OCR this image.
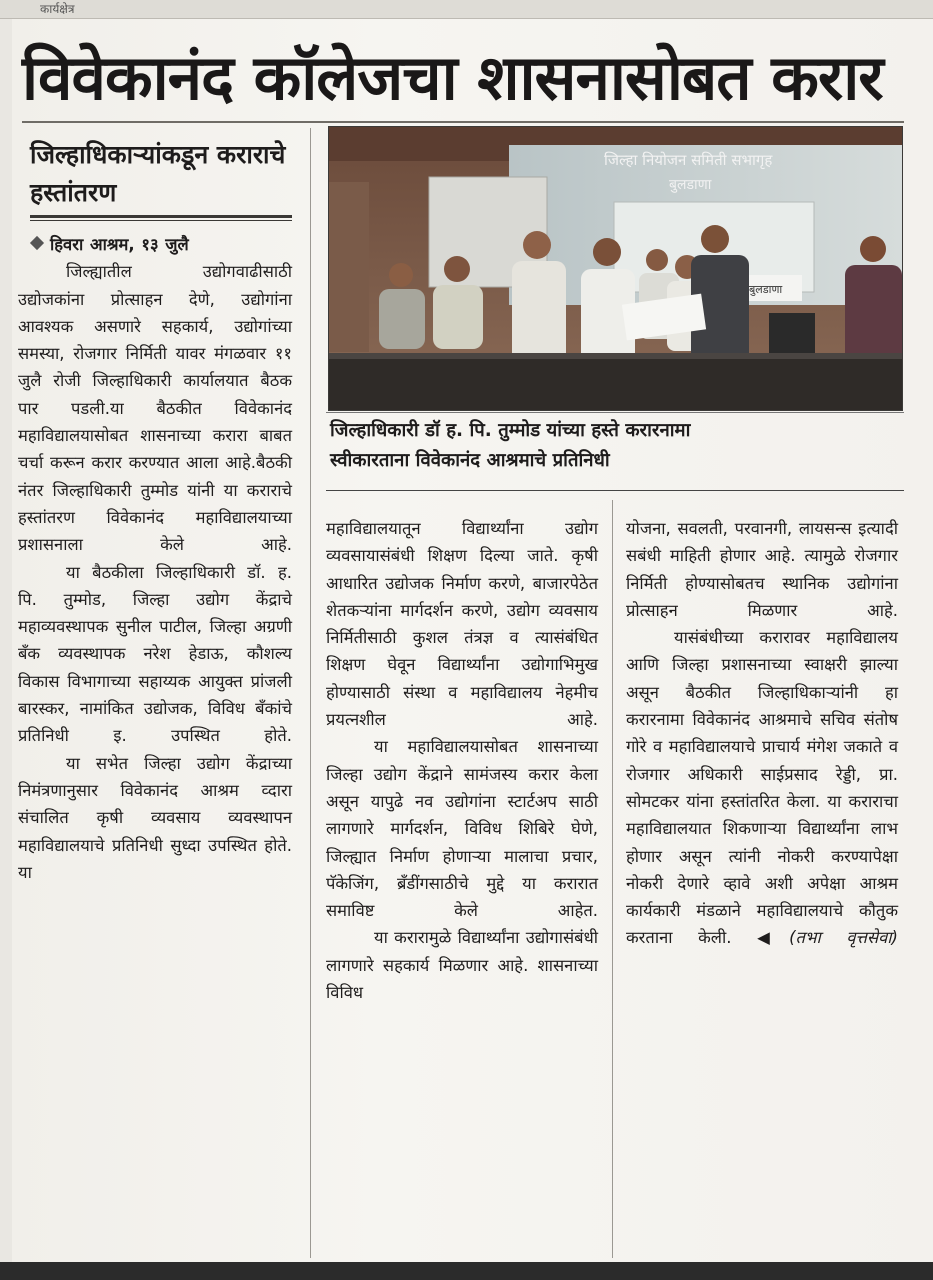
कार्यक्षेत्र
विवेकानंद कॉलेजचा शासनासोबत करार
जिल्हाधिकाऱ्यांकडून कराराचे हस्तांतरण
हिवरा आश्रम, १३ जुलै
जिल्ह्यातील उद्योगवाढीसाठी उद्योजकांना प्रोत्साहन देणे, उद्योगांना आवश्यक असणारे सहकार्य, उद्योगांच्या समस्या, रोजगार निर्मिती यावर मंगळवार ११ जुलै रोजी जिल्हाधिकारी कार्यालयात बैठक पार पडली.या बैठकीत विवेकानंद महाविद्यालयासोबत शासनाच्या करारा बाबत चर्चा करून करार करण्यात आला आहे.बैठकी नंतर जिल्हाधिकारी तुम्मोड यांनी या कराराचे हस्तांतरण विवेकानंद महाविद्यालयाच्या प्रशासनाला केले आहे.
या बैठकीला जिल्हाधिकारी डॉ. ह. पि. तुम्मोड, जिल्हा उद्योग केंद्राचे महाव्यवस्थापक सुनील पाटील, जिल्हा अग्रणी बँक व्यवस्थापक नरेश हेडाऊ, कौशल्य विकास विभागाच्या सहाय्यक आयुक्त प्रांजली बारस्कर, नामांकित उद्योजक, विविध बँकांचे प्रतिनिधी इ. उपस्थित होते.
या सभेत जिल्हा उद्योग केंद्राच्या निमंत्रणानुसार विवेकानंद आश्रम व्दारा संचालित कृषी व्यवसाय व्यवस्थापन महाविद्यालयाचे प्रतिनिधी सुध्दा उपस्थित होते. या
जिल्हा नियोजन समिती सभागृह
बुलडाणा
बुलडाणा
जिल्हाधिकारी डॉ ह. पि. तुम्मोड यांच्या हस्ते करारनामा
स्वीकारताना विवेकानंद आश्रमाचे प्रतिनिधी
महाविद्यालयातून विद्यार्थ्यांना उद्योग व्यवसायासंबंधी शिक्षण दिल्या जाते. कृषी आधारित उद्योजक निर्माण करणे, बाजारपेठेत शेतकऱ्यांना मार्गदर्शन करणे, उद्योग व्यवसाय निर्मितीसाठी कुशल तंत्रज्ञ व त्यासंबंधित शिक्षण घेवून विद्यार्थ्यांना उद्योगाभिमुख होण्यासाठी संस्था व महाविद्यालय नेहमीच प्रयत्नशील आहे.
या महाविद्यालयासोबत शासनाच्या जिल्हा उद्योग केंद्राने सामंजस्य करार केला असून यापुढे नव उद्योगांना स्टार्टअप साठी लागणारे मार्गदर्शन, विविध शिबिरे घेणे, जिल्ह्यात निर्माण होणाऱ्या मालाचा प्रचार, पॅकेजिंग, ब्रँडींगसाठीचे मुद्दे या करारात समाविष्ट केले आहेत.
या करारामुळे विद्यार्थ्यांना उद्योगासंबंधी लागणारे सहकार्य मिळणार आहे. शासनाच्या विविध
योजना, सवलती, परवानगी, लायसन्स इत्यादी सबंधी माहिती होणार आहे. त्यामुळे रोजगार निर्मिती होण्यासोबतच स्थानिक उद्योगांना प्रोत्साहन मिळणार आहे.
यासंबंधीच्या करारावर महाविद्यालय आणि जिल्हा प्रशासनाच्या स्वाक्षरी झाल्या असून बैठकीत जिल्हाधिकाऱ्यांनी हा करारनामा विवेकानंद आश्रमाचे सचिव संतोष गोरे व महाविद्यालयाचे प्राचार्य मंगेश जकाते व रोजगार अधिकारी साईप्रसाद रेड्डी, प्रा. सोमटकर यांना हस्तांतरित केला. या कराराचा महाविद्यालयात शिकणाऱ्या विद्यार्थ्यांना लाभ होणार असून त्यांनी नोकरी करण्यापेक्षा नोकरी देणारे व्हावे अशी अपेक्षा आश्रम कार्यकारी मंडळाने महाविद्यालयाचे कौतुक करताना केली. ◀(तभा वृत्तसेवा)
